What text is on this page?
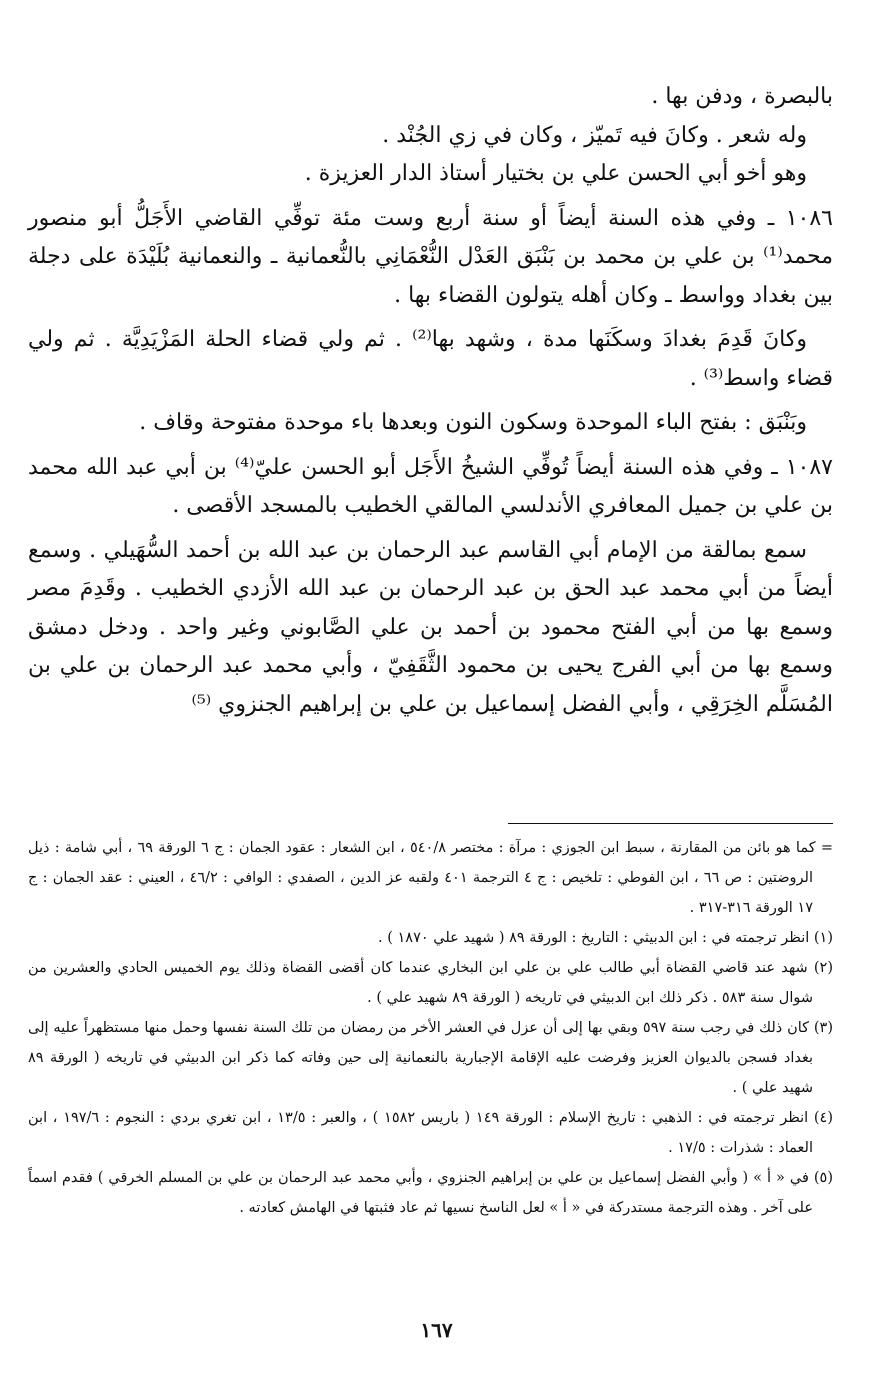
بالبصرة ، ودفن بها .

وله شعر . وكانَ فيه تَميّز ، وكان في زي الجُنْد .

وهو أخو أبي الحسن علي بن بختيار أستاذ الدار العزيزة .

١٠٨٦ ـ وفي هذه السنة أيضاً أو سنة أربع وست مئة توفِّي القاضي الأَجَلُّ أبو منصور محمد⁽¹⁾ بن علي بن محمد بن بَنْبَق العَدْل النُّعْمَانِي بالنُّعمانية ـ والنعمانية بُلَيْدَة على دجلة بين بغداد وواسط ـ وكان أهله يتولون القضاء بها .

وكانَ قَدِمَ بغدادَ وسكَنَها مدة ، وشهد بها⁽²⁾ . ثم ولي قضاء الحلة المَزْيَدِيَّة . ثم ولي قضاء واسط⁽³⁾ .

وبَنْبَق : بفتح الباء الموحدة وسكون النون وبعدها باء موحدة مفتوحة وقاف .

١٠٨٧ ـ وفي هذه السنة أيضاً تُوفِّي الشيخُ الأَجَل أبو الحسن عليّ⁽⁴⁾ بن أبي عبد الله محمد بن علي بن جميل المعافري الأندلسي المالقي الخطيب بالمسجد الأقصى .

سمع بمالقة من الإمام أبي القاسم عبد الرحمان بن عبد الله بن أحمد السُّهَيلي . وسمع أيضاً من أبي محمد عبد الحق بن عبد الرحمان بن عبد الله الأزدي الخطيب . وقَدِمَ مصر وسمع بها من أبي الفتح محمود بن أحمد بن علي الصَّابوني وغير واحد . ودخل دمشق وسمع بها من أبي الفرج يحيى بن محمود الثَّقَفِيّ ، وأبي محمد عبد الرحمان بن علي بن المُسَلَّم الخِرَقِي ، وأبي الفضل إسماعيل بن علي بن إبراهيم الجنزوي ⁽⁵⁾

= كما هو بائن من المقارنة ، سبط ابن الجوزي : مرآة : مختصر ٥٤٠/٨ ، ابن الشعار : عقود الجمان : ج ٦ الورقة ٦٩ ، أبي شامة : ذيل الروضتين : ص ٦٦ ، ابن الفوطي : تلخيص : ج ٤ الترجمة ٤٠١ ولقبه عز الدين ، الصفدي : الوافي : ٤٦/٢ ، العيني : عقد الجمان : ج ١٧ الورقة ٣١٦-٣١٧ .

(١) انظر ترجمته في : ابن الدبيثي : التاريخ : الورقة ٨٩ ( شهيد علي ١٨٧٠ ) .

(٢) شهد عند قاضي القضاة أبي طالب علي بن علي ابن البخاري عندما كان أقضى القضاة وذلك يوم الخميس الحادي والعشرين من شوال سنة ٥٨٣ . ذكر ذلك ابن الدبيثي في تاريخه ( الورقة ٨٩ شهيد علي ) .

(٣) كان ذلك في رجب سنة ٥٩٧ وبقي بها إلى أن عزل في العشر الأخر من رمضان من تلك السنة نفسها وحمل منها مستظهراً عليه إلى بغداد فسجن بالديوان العزيز وفرضت عليه الإقامة الإجبارية بالنعمانية إلى حين وفاته كما ذكر ابن الدبيثي في تاريخه ( الورقة ٨٩ شهيد علي ) .

(٤) انظر ترجمته في : الذهبي : تاريخ الإسلام : الورقة ١٤٩ ( باريس ١٥٨٢ ) ، والعبر : ١٣/٥ ، ابن تغري بردي : النجوم : ١٩٧/٦ ، ابن العماد : شذرات : ١٧/٥ .

(٥) في « أ » ( وأبي الفضل إسماعيل بن علي بن إبراهيم الجنزوي ، وأبي محمد عبد الرحمان بن علي بن المسلم الخرقي ) فقدم اسماً على آخر . وهذه الترجمة مستدركة في « أ » لعل الناسخ نسيها ثم عاد فثبتها في الهامش كعادته .

١٦٧
